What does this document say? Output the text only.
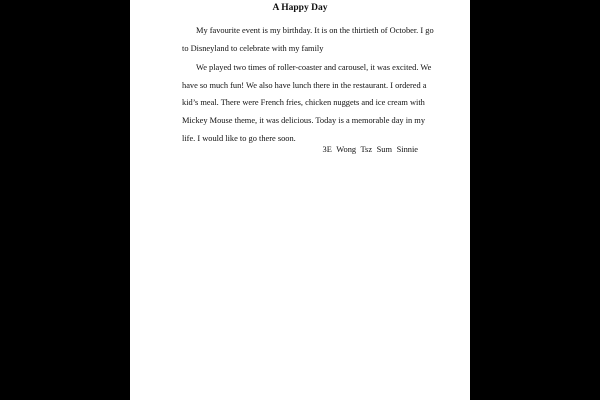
A Happy Day

My favourite event is my birthday. It is on the thirtieth of October. I go
to Disneyland to celebrate with my family

We played two times of roller-coaster and carousel, it was excited. We
have so much fun! We also have lunch there in the restaurant. I ordered a
kid’s meal. There were French fries, chicken nuggets and ice cream with
Mickey Mouse theme, it was delicious. Today is a memorable day in my
life. I would like to go there soon.

3E Wong Tsz Sum Sinnie
